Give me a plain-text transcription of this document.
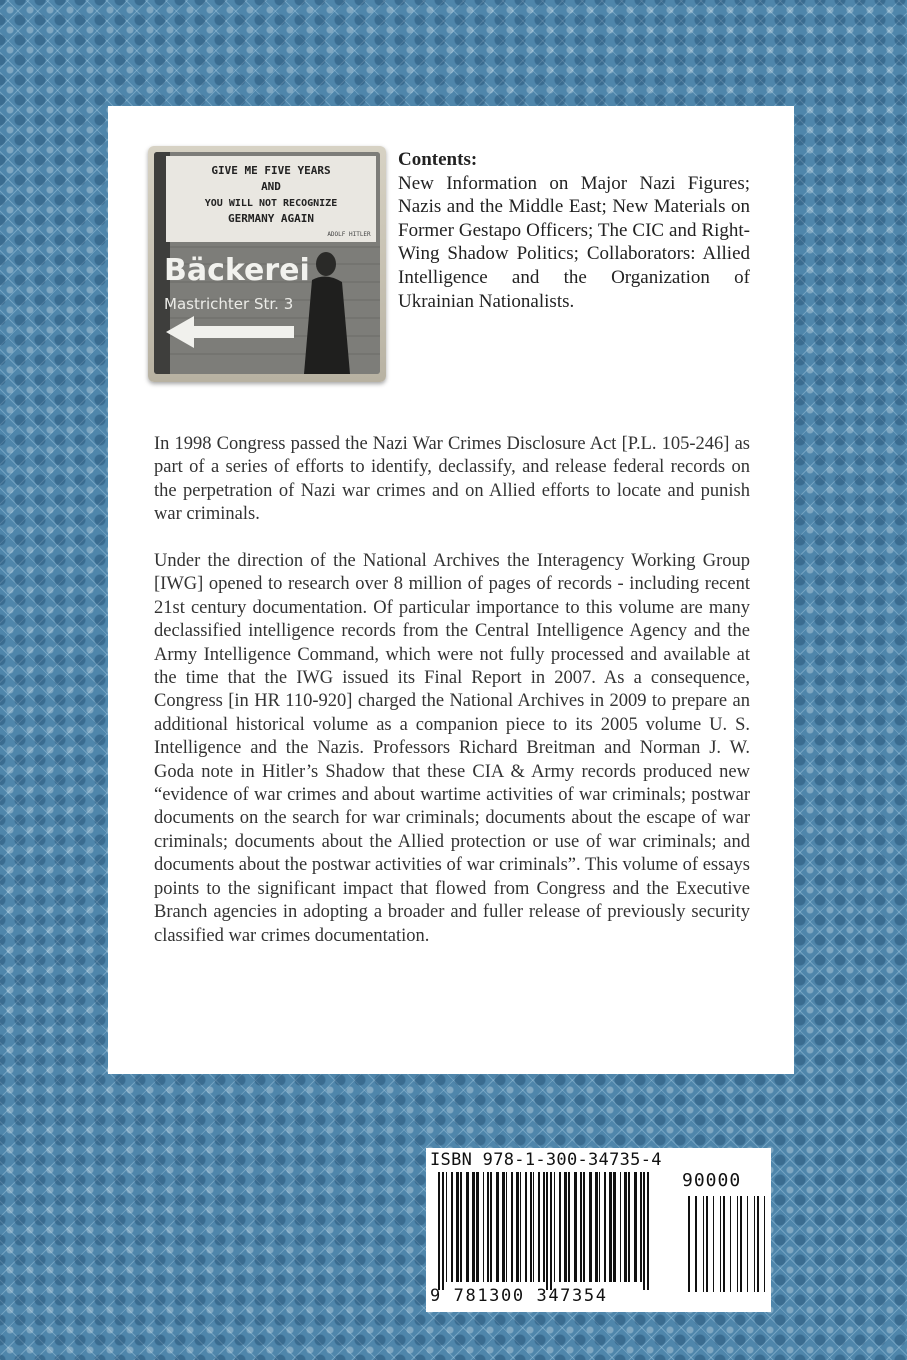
GIVE ME FIVE YEARS
AND
YOU WILL NOT RECOGNIZE
GERMANY AGAIN
ADOLF HITLER
Bäckerei
Mastrichter Str. 3
Contents:
New Information on Major Nazi Figures; Nazis and the Middle East; New Materials on Former Gestapo Officers; The CIC and Right-Wing Shadow Politics; Collaborators: Allied Intelligence and the Organization of Ukrainian Nationalists.

In 1998 Congress passed the Nazi War Crimes Disclosure Act [P.L. 105-246] as part of a series of efforts to identify, declassify, and release federal records on the perpetration of Nazi war crimes and on Allied efforts to locate and punish war criminals.

Under the direction of the National Archives the Interagency Working Group [IWG] opened to research over 8 million of pages of records - including recent 21st century documentation. Of particular importance to this volume are many declassified intelligence records from the Central Intelligence Agency and the Army Intelligence Command, which were not fully processed and available at the time that the IWG issued its Final Report in 2007. As a consequence, Congress [in HR 110-920] charged the National Archives in 2009 to prepare an additional historical volume as a companion piece to its 2005 volume U. S. Intelligence and the Nazis. Professors Richard Breitman and Norman J. W. Goda note in Hitler’s Shadow that these CIA & Army records produced new “evidence of war crimes and about wartime activities of war criminals; postwar documents on the search for war criminals; documents about the escape of war criminals; documents about the Allied protection or use of war criminals; and documents about the postwar activities of war criminals”. This volume of essays points to the significant impact that flowed from Congress and the Executive Branch agencies in adopting a broader and fuller release of previously security classified war crimes documentation.

ISBN 978-1-300-34735-4
90000
9 781300 347354
